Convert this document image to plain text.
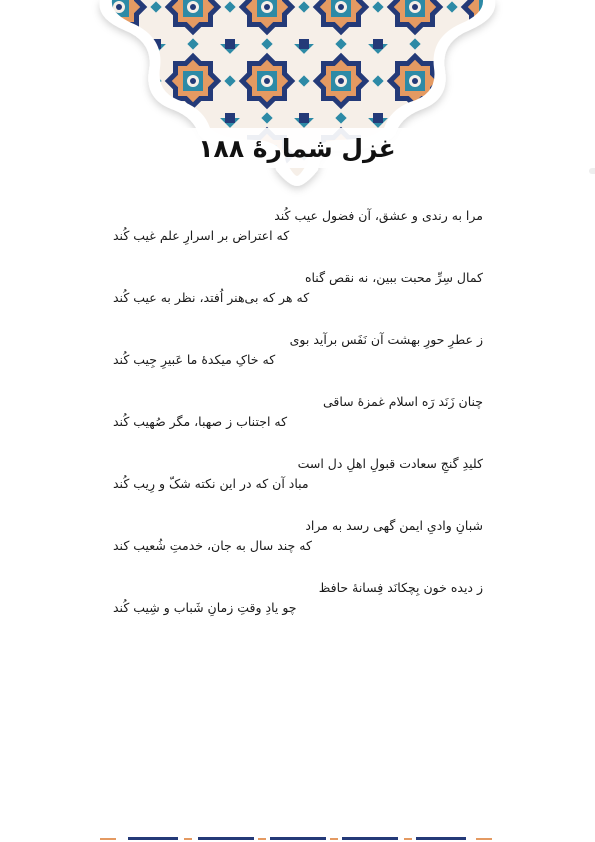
غزل شمارهٔ ۱۸۸
مرا به رندی و عشق، آن فضول عیب کُند
که اعتراض بر اسرارِ علم غیب کُند
کمال سِرِّ محبت ببین، نه نقص گناه
که هر که بی‌هنر اُفتد، نظر به عیب کُند
ز عطرِ حورِ بهشت آن نَفَس برآید بوی
که خاکِ میکدهٔ ما عَبیرِ جِیب کُند
چنان زَنَد رَه اسلام غمزهٔ ساقی
که اجتناب ز صهبا، مگر صُهیب کُند
کلیدِ گنجِ سعادت قبولِ اهلِ دل است
مباد آن که در این نکته شکّ و رِیب کُند
شبانِ وادیِ ایمن گهی رسد به مراد
که چند سال به جان، خدمتِ شُعیب کند
ز دیده خون بِچکانَد فِسانهٔ حافظ
چو یادِ وقتِ زمانِ شَباب و شِیب کُند
